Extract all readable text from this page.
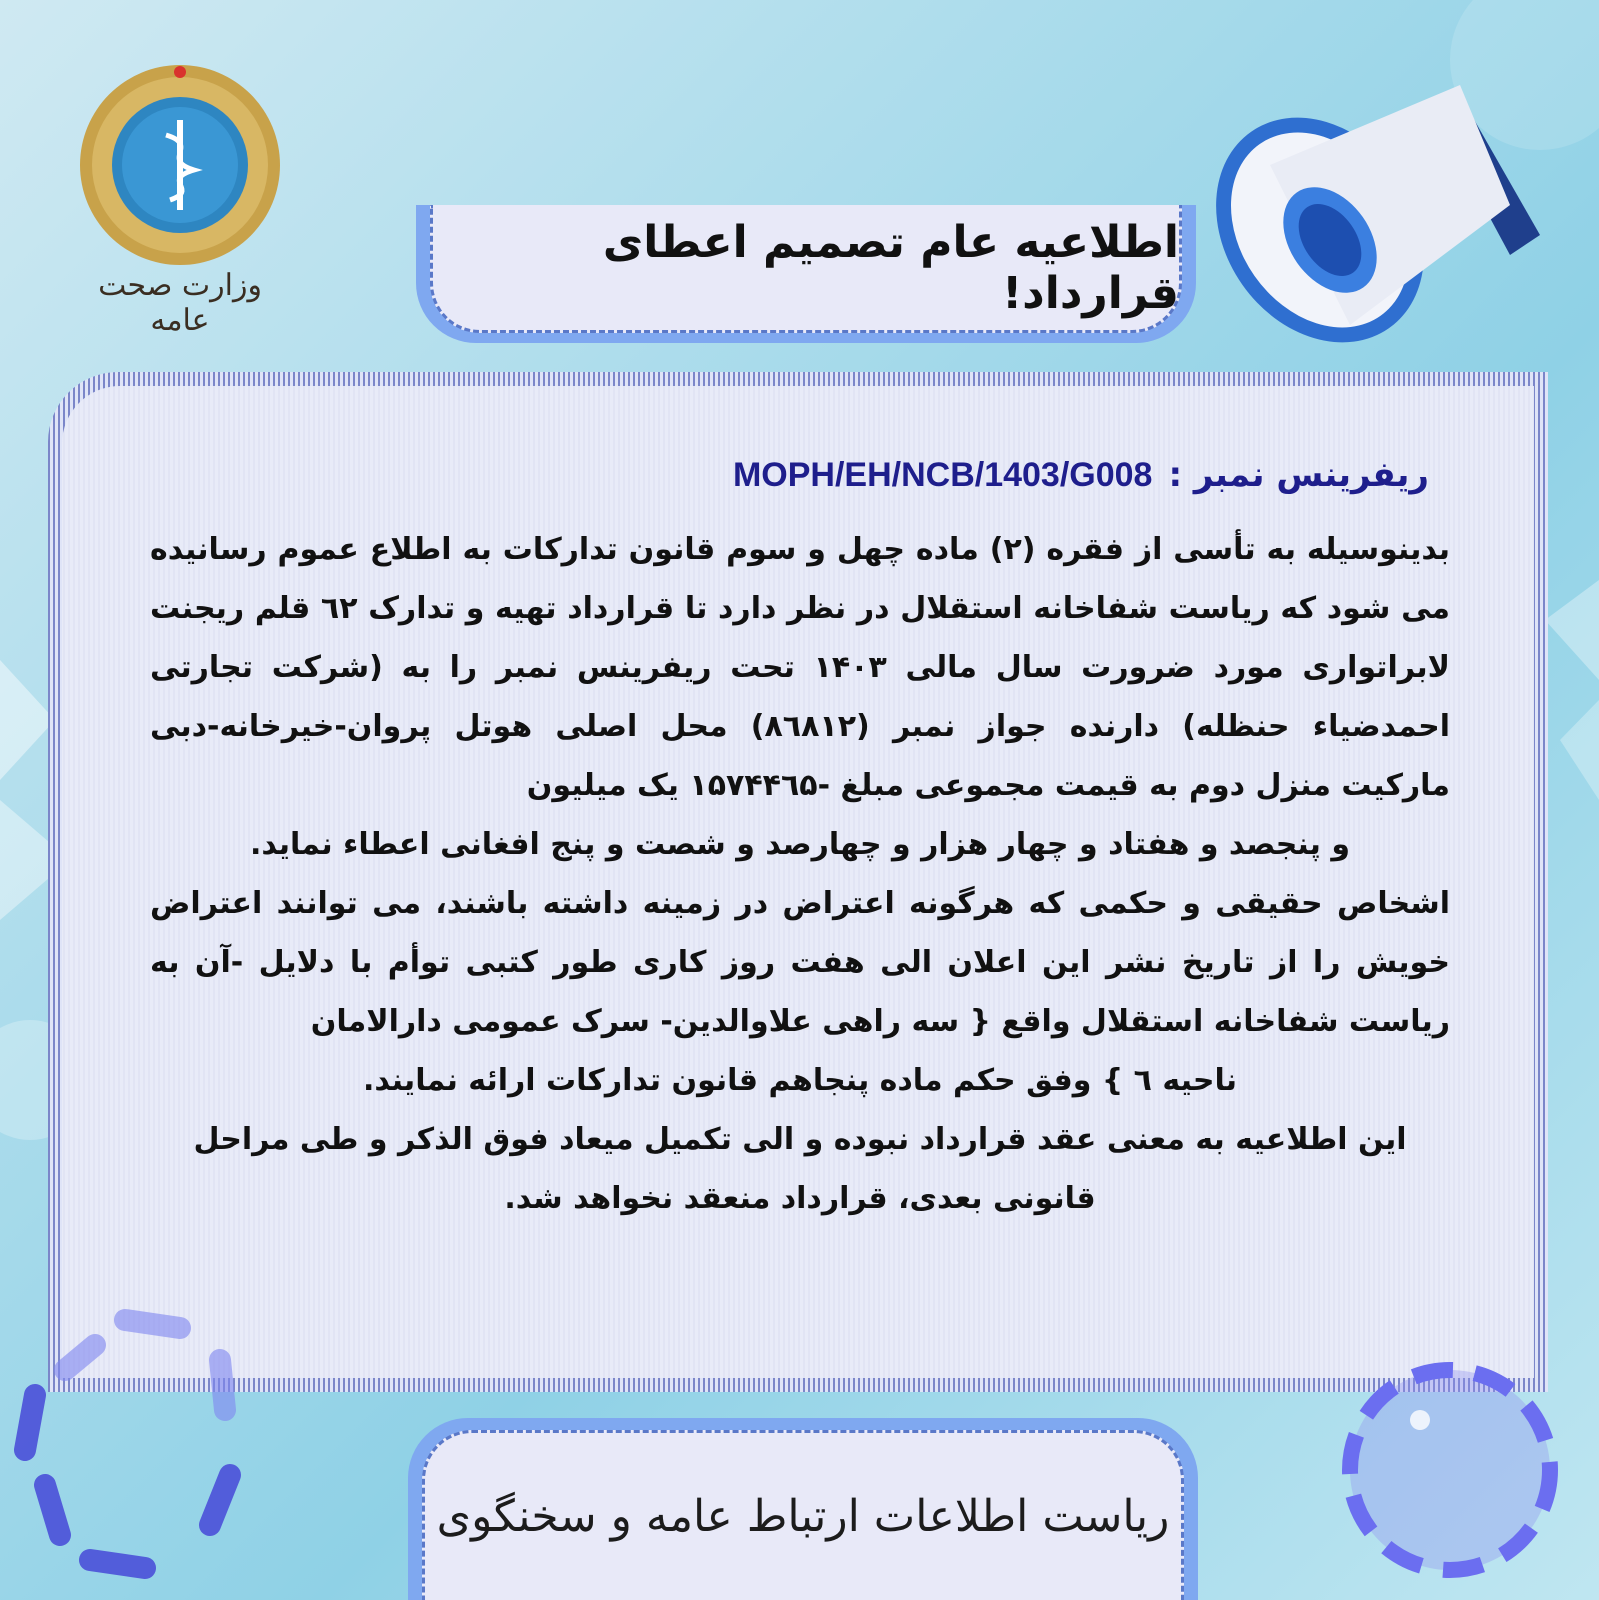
وزارت صحت عامه
اطلاعیه عام تصمیم اعطای قرارداد!
ریفرینس نمبر :MOPH/EH/NCB/1403/G008

بدینوسیله به تأسی از فقره (۲) ماده چهل و سوم قانون تدارکات به اطلاع عموم رسانیده می شود که ریاست شفاخانه استقلال در نظر دارد تا قرارداد تهیه و تدارک ٦٢ قلم ریجنت لابراتواری مورد ضرورت سال مالی ۱۴۰۳ تحت ریفرینس نمبر را به (شرکت تجارتی احمدضیاء حنظله) دارنده جواز نمبر (۸٦۸۱۲) محل اصلی هوتل پروان-خیرخانه-دبی مارکیت منزل دوم به قیمت مجموعی مبلغ -۱۵۷۴۴٦۵ یک میلیون

و پنجصد و هفتاد و چهار هزار و چهارصد و شصت و پنج افغانی اعطاء نماید.

اشخاص حقیقی و حکمی که هرگونه اعتراض در زمینه داشته باشند، می توانند اعتراض خویش را از تاریخ نشر این اعلان الی هفت روز کاری طور کتبی توأم با دلایل -آن به ریاست شفاخانه استقلال واقع { سه راهی علاوالدین- سرک عمومی دارالامان

ناحیه ٦ } وفق حکم ماده پنجاهم قانون تدارکات ارائه نمایند.

این اطلاعیه به معنی عقد قرارداد نبوده و الی تکمیل میعاد فوق الذکر و طی مراحل

قانونی بعدی، قرارداد منعقد نخواهد شد.

ریاست اطلاعات ارتباط عامه و سخنگوی
